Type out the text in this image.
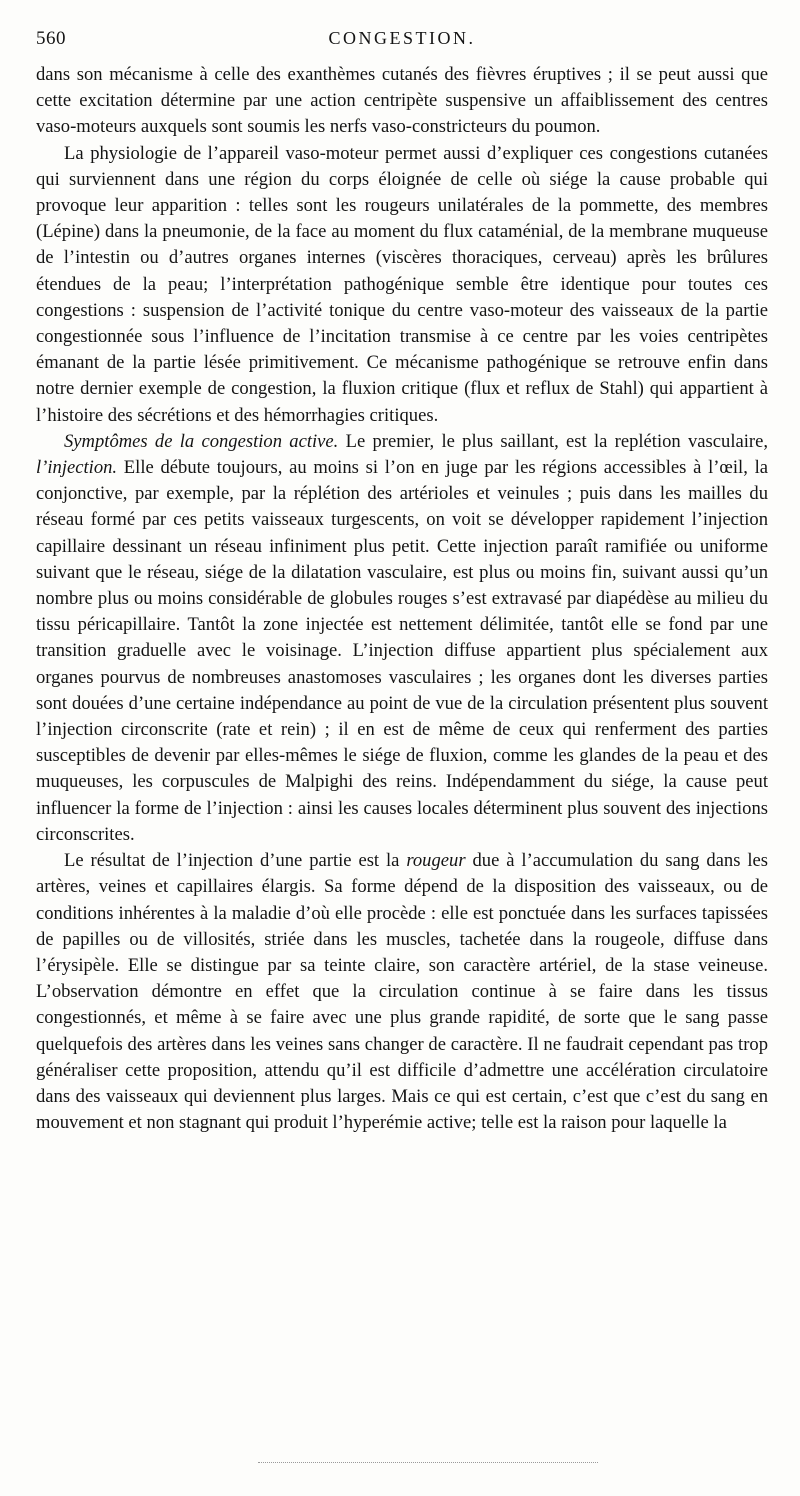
560	CONGESTION.

dans son mécanisme à celle des exanthèmes cutanés des fièvres éruptives ; il se peut aussi que cette excitation détermine par une action centripète suspensive un affaiblissement des centres vaso-moteurs auxquels sont soumis les nerfs vaso-constricteurs du poumon.

La physiologie de l’appareil vaso-moteur permet aussi d’expliquer ces congestions cutanées qui surviennent dans une région du corps éloignée de celle où siége la cause probable qui provoque leur apparition : telles sont les rougeurs unilatérales de la pommette, des membres (Lépine) dans la pneumonie, de la face au moment du flux cataménial, de la membrane muqueuse de l’intestin ou d’autres organes internes (viscères thoraciques, cerveau) après les brûlures étendues de la peau; l’interprétation pathogénique semble être identique pour toutes ces congestions : suspension de l’activité tonique du centre vaso-moteur des vaisseaux de la partie congestionnée sous l’influence de l’incitation transmise à ce centre par les voies centripètes émanant de la partie lésée primitivement. Ce mécanisme pathogénique se retrouve enfin dans notre dernier exemple de congestion, la fluxion critique (flux et reflux de Stahl) qui appartient à l’histoire des sécrétions et des hémorrhagies critiques.

Symptômes de la congestion active. Le premier, le plus saillant, est la replétion vasculaire, l’injection. Elle débute toujours, au moins si l’on en juge par les régions accessibles à l’œil, la conjonctive, par exemple, par la réplétion des artérioles et veinules ; puis dans les mailles du réseau formé par ces petits vaisseaux turgescents, on voit se développer rapidement l’injection capillaire dessinant un réseau infiniment plus petit. Cette injection paraît ramifiée ou uniforme suivant que le réseau, siége de la dilatation vasculaire, est plus ou moins fin, suivant aussi qu’un nombre plus ou moins considérable de globules rouges s’est extravasé par diapédèse au milieu du tissu péricapillaire. Tantôt la zone injectée est nettement délimitée, tantôt elle se fond par une transition graduelle avec le voisinage. L’injection diffuse appartient plus spécialement aux organes pourvus de nombreuses anastomoses vasculaires ; les organes dont les diverses parties sont douées d’une certaine indépendance au point de vue de la circulation présentent plus souvent l’injection circonscrite (rate et rein) ; il en est de même de ceux qui renferment des parties susceptibles de devenir par elles-mêmes le siége de fluxion, comme les glandes de la peau et des muqueuses, les corpuscules de Malpighi des reins. Indépendamment du siége, la cause peut influencer la forme de l’injection : ainsi les causes locales déterminent plus souvent des injections circonscrites.

Le résultat de l’injection d’une partie est la rougeur due à l’accumulation du sang dans les artères, veines et capillaires élargis. Sa forme dépend de la disposition des vaisseaux, ou de conditions inhérentes à la maladie d’où elle procède : elle est ponctuée dans les surfaces tapissées de papilles ou de villosités, striée dans les muscles, tachetée dans la rougeole, diffuse dans l’érysipèle. Elle se distingue par sa teinte claire, son caractère artériel, de la stase veineuse. L’observation démontre en effet que la circulation continue à se faire dans les tissus congestionnés, et même à se faire avec une plus grande rapidité, de sorte que le sang passe quelquefois des artères dans les veines sans changer de caractère. Il ne faudrait cependant pas trop généraliser cette proposition, attendu qu’il est difficile d’admettre une accélération circulatoire dans des vaisseaux qui deviennent plus larges. Mais ce qui est certain, c’est que c’est du sang en mouvement et non stagnant qui produit l’hyperémie active; telle est la raison pour laquelle la
